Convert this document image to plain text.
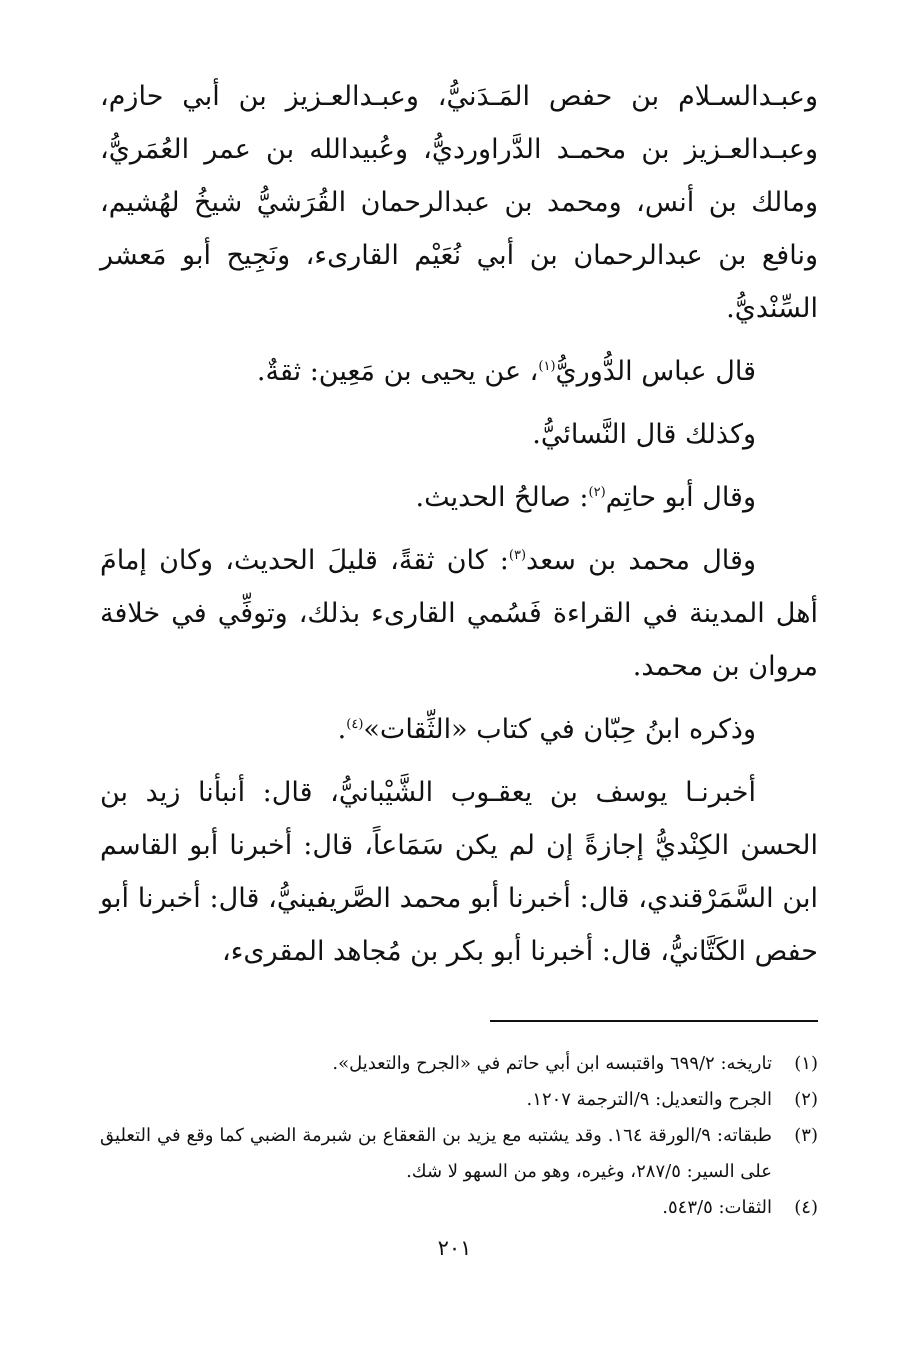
وعبـدالسـلام بن حفص المَـدَنيُّ، وعبـدالعـزيز بن أبي حازم، وعبـدالعـزيز بن محمـد الدَّراورديُّ، وعُبيدالله بن عمر العُمَريُّ، ومالك بن أنس، ومحمد بن عبدالرحمان القُرَشيُّ شيخُ لهُشيم، ونافع بن عبدالرحمان بن أبي نُعَيْم القارىء، ونَجِيح أبو مَعشر السِّنْديُّ.

قال عباس الدُّوريُّ$^{(١)}$، عن يحيى بن مَعِين: ثقةٌ.

وكذلك قال النَّسائيُّ.

وقال أبو حاتِم$^{(٢)}$: صالحُ الحديث.

وقال محمد بن سعد$^{(٣)}$: كان ثقةً، قليلَ الحديث، وكان إمامَ أهل المدينة في القراءة فَسُمي القارىء بذلك، وتوفِّي في خلافة مروان بن محمد.

وذكره ابنُ حِبّان في كتاب «الثِّقات»$^{(٤)}$.

أخبرنـا يوسف بن يعقـوب الشَّيْبانيُّ، قال: أنبأنا زيد بن الحسن الكِنْديُّ إجازةً إن لم يكن سَمَاعاً، قال: أخبرنا أبو القاسم ابن السَّمَرْقندي، قال: أخبرنا أبو محمد الصَّريفينيُّ، قال: أخبرنا أبو حفص الكَتَّانيُّ، قال: أخبرنا أبو بكر بن مُجاهد المقرىء،

(١)
تاريخه: ٦٩٩/٢ واقتبسه ابن أبي حاتم في «الجرح والتعديل».
(٢)
الجرح والتعديل: ٩/الترجمة ١٢٠٧.
(٣)
طبقاته: ٩/الورقة ١٦٤. وقد يشتبه مع يزيد بن القعقاع بن شبرمة الضبي كما وقع في التعليق على السير: ٢٨٧/٥، وغيره، وهو من السهو لا شك.
(٤)
الثقات: ٥٤٣/٥.
٢٠١
